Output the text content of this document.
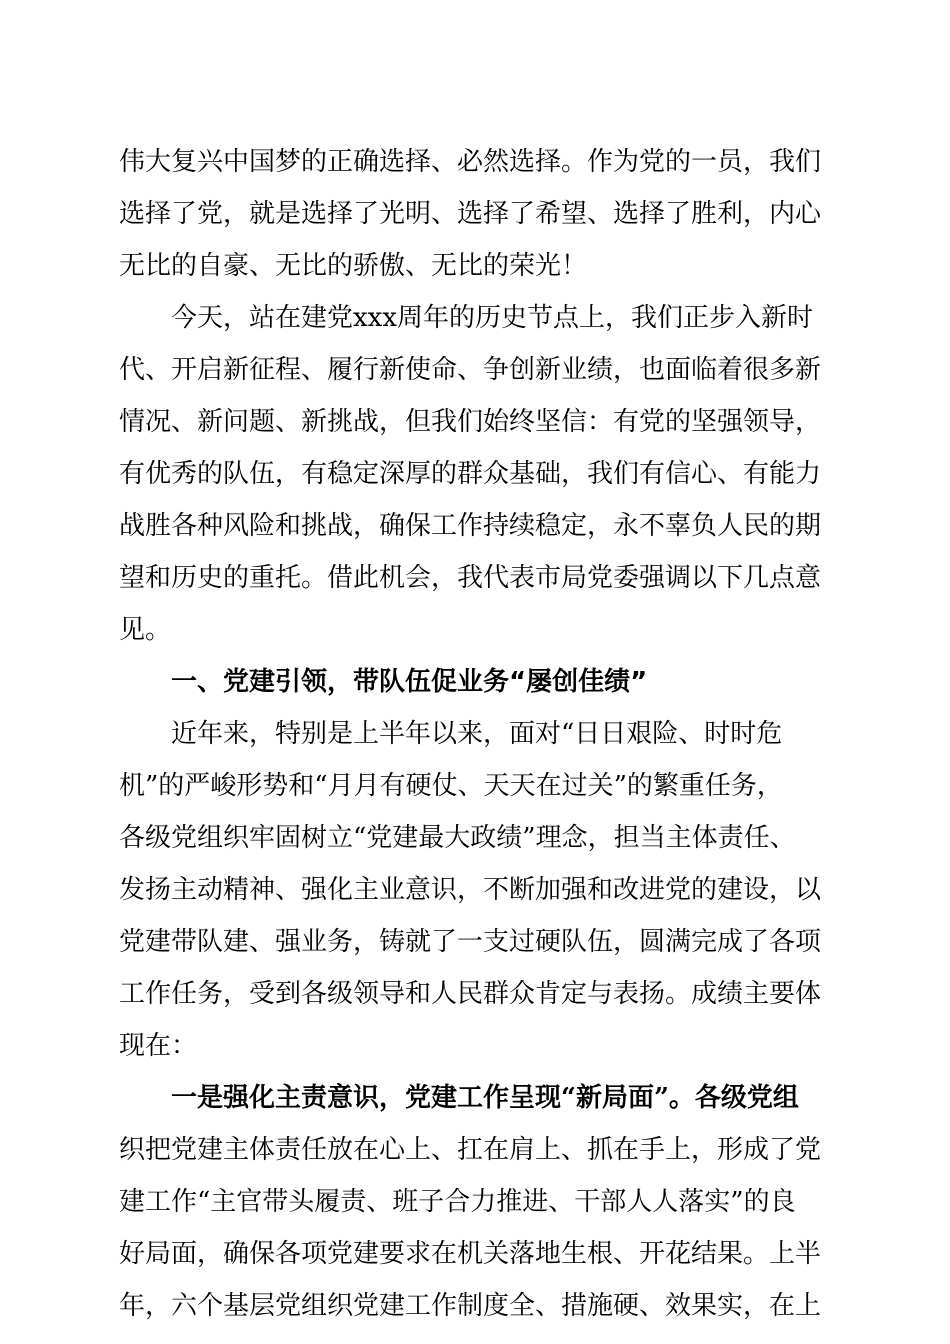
伟大复兴中国梦的正确选择、必然选择。作为党的一员，我们
选择了党，就是选择了光明、选择了希望、选择了胜利，内心
无比的自豪、无比的骄傲、无比的荣光！
今天，站在建党xxx周年的历史节点上，我们正步入新时
代、开启新征程、履行新使命、争创新业绩，也面临着很多新
情况、新问题、新挑战，但我们始终坚信：有党的坚强领导，
有优秀的队伍，有稳定深厚的群众基础，我们有信心、有能力
战胜各种风险和挑战，确保工作持续稳定，永不辜负人民的期
望和历史的重托。借此机会，我代表市局党委强调以下几点意
见。
一、党建引领，带队伍促业务“屡创佳绩”
近年来，特别是上半年以来，面对“日日艰险、时时危
机”的严峻形势和“月月有硬仗、天天在过关”的繁重任务，
各级党组织牢固树立“党建最大政绩”理念，担当主体责任、
发扬主动精神、强化主业意识，不断加强和改进党的建设，以
党建带队建、强业务，铸就了一支过硬队伍，圆满完成了各项
工作任务，受到各级领导和人民群众肯定与表扬。成绩主要体
现在：
一是强化主责意识，党建工作呈现“新局面”。各级党组
织把党建主体责任放在心上、扛在肩上、抓在手上，形成了党
建工作“主官带头履责、班子合力推进、干部人人落实”的良
好局面，确保各项党建要求在机关落地生根、开花结果。上半
年，六个基层党组织党建工作制度全、措施硬、效果实，在上
